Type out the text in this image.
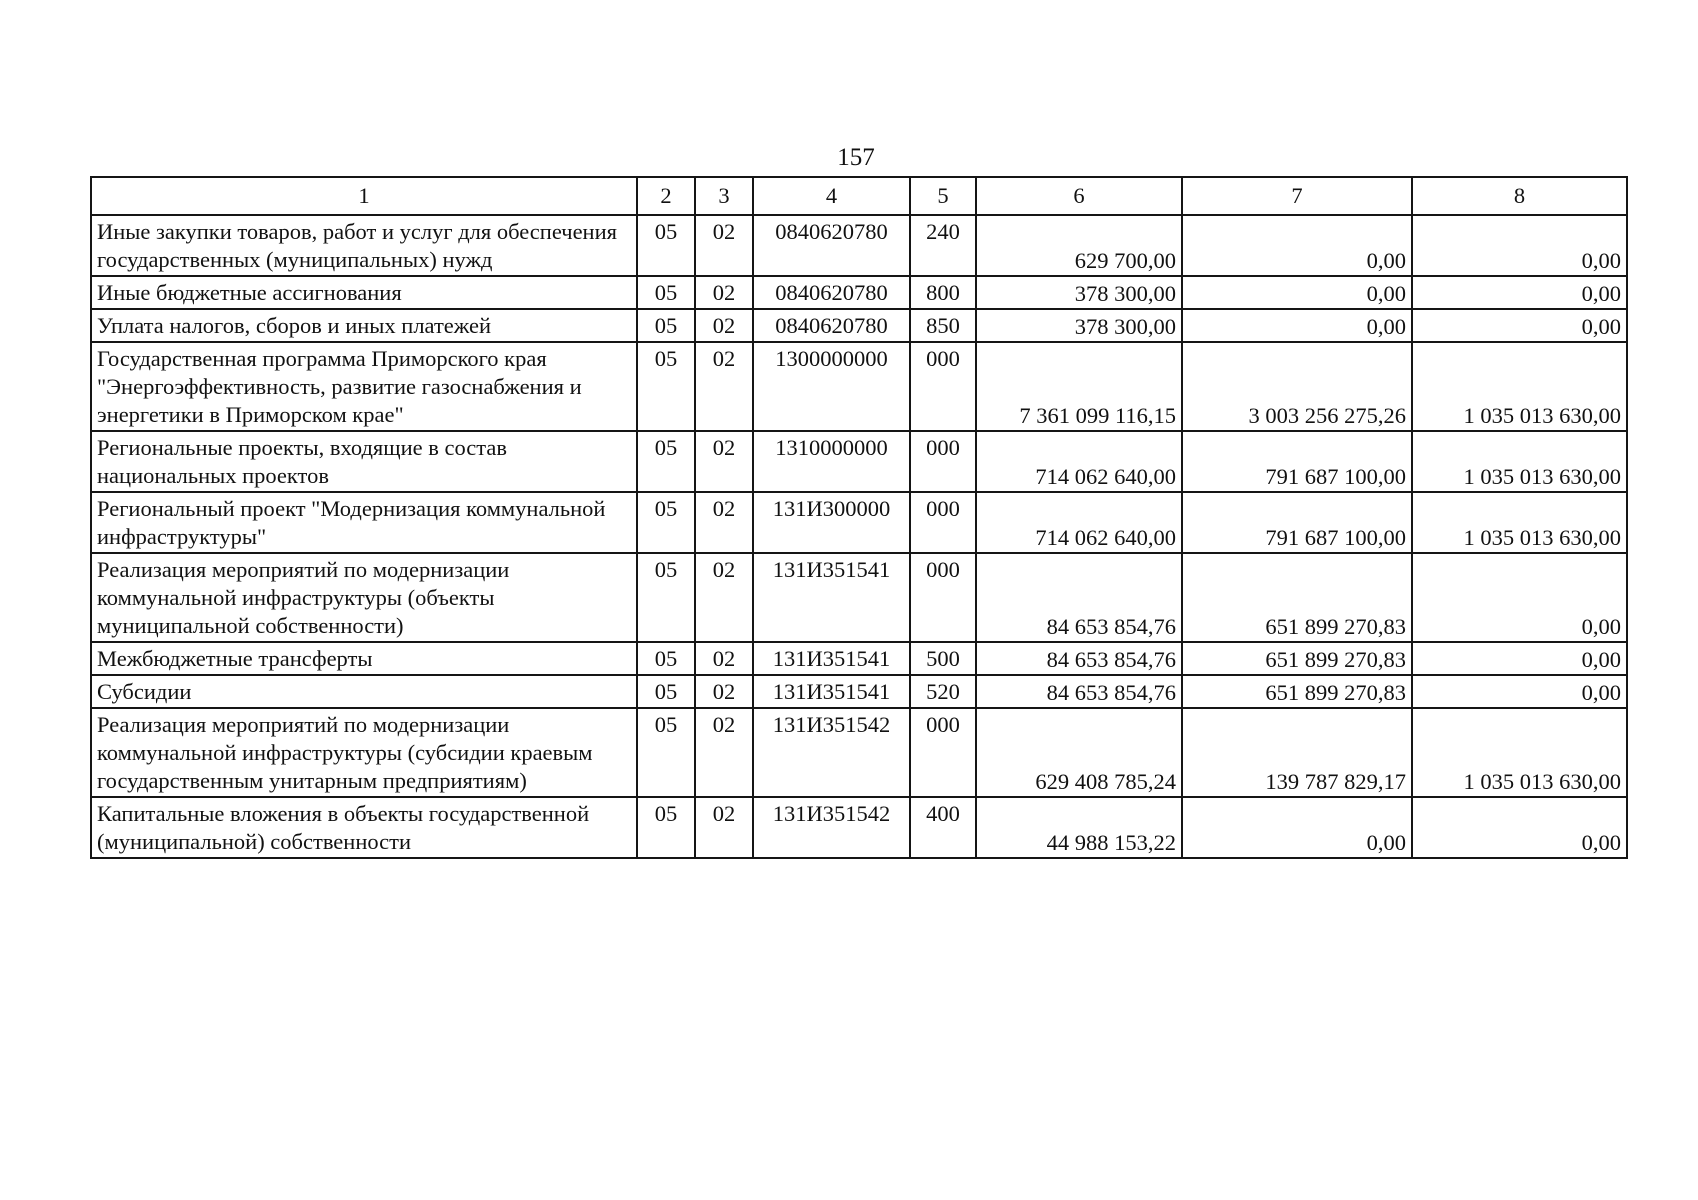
157
1	2	3	4	5	6	7	8
Иные закупки товаров, работ и услуг для обеспечения государственных (муниципальных) нужд	05	02	0840620780	240	629 700,00	0,00	0,00
Иные бюджетные ассигнования	05	02	0840620780	800	378 300,00	0,00	0,00
Уплата налогов, сборов и иных платежей	05	02	0840620780	850	378 300,00	0,00	0,00
Государственная программа Приморского края "Энергоэффективность, развитие газоснабжения и энергетики в Приморском крае"	05	02	1300000000	000	7 361 099 116,15	3 003 256 275,26	1 035 013 630,00
Региональные проекты, входящие в состав национальных проектов	05	02	1310000000	000	714 062 640,00	791 687 100,00	1 035 013 630,00
Региональный проект "Модернизация коммунальной инфраструктуры"	05	02	131И300000	000	714 062 640,00	791 687 100,00	1 035 013 630,00
Реализация мероприятий по модернизации коммунальной инфраструктуры (объекты муниципальной собственности)	05	02	131И351541	000	84 653 854,76	651 899 270,83	0,00
Межбюджетные трансферты	05	02	131И351541	500	84 653 854,76	651 899 270,83	0,00
Субсидии	05	02	131И351541	520	84 653 854,76	651 899 270,83	0,00
Реализация мероприятий по модернизации коммунальной инфраструктуры (субсидии краевым государственным унитарным предприятиям)	05	02	131И351542	000	629 408 785,24	139 787 829,17	1 035 013 630,00
Капитальные вложения в объекты государственной (муниципальной) собственности	05	02	131И351542	400	44 988 153,22	0,00	0,00
